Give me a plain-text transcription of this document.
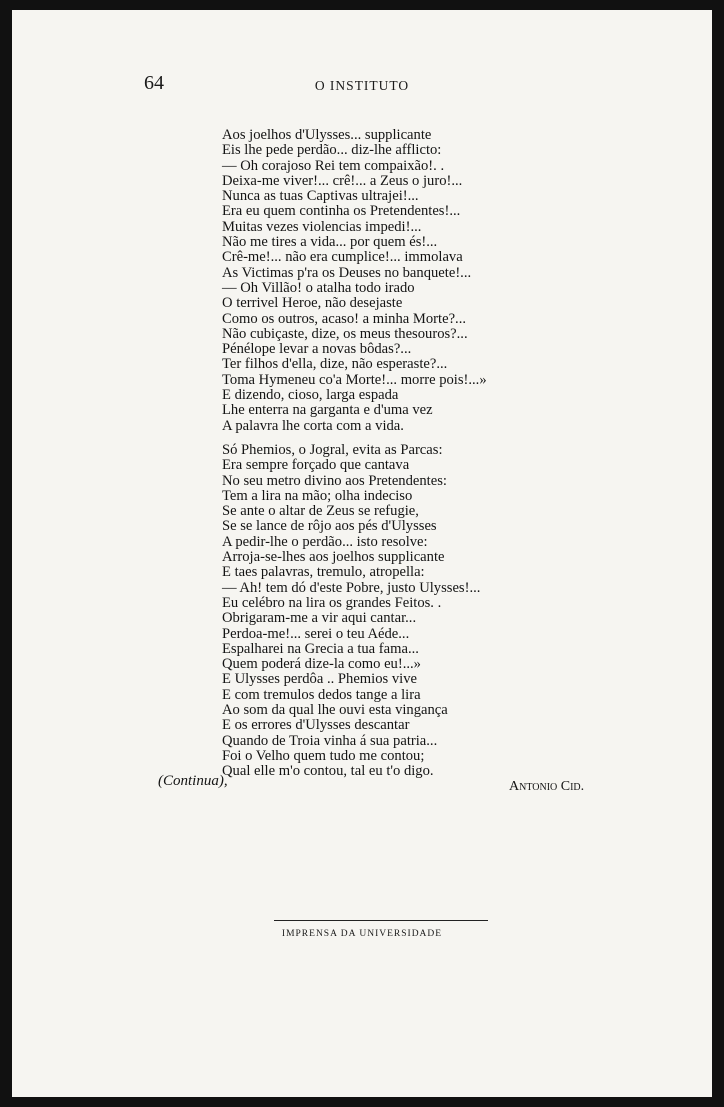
64	O INSTITUTO
Aos joelhos d'Ulysses... supplicante
Eis lhe pede perdão... diz-lhe afflicto:
— Oh corajoso Rei tem compaixão!. .
Deixa-me viver!... crê!... a Zeus o juro!...
Nunca as tuas Captivas ultrajei!...
Era eu quem continha os Pretendentes!...
Muitas vezes violencias impedi!...
Não me tires a vida... por quem és!...
Crê-me!... não era cumplice!... immolava
As Victimas p'ra os Deuses no banquete!...
— Oh Villão! o atalha todo irado
O terrivel Heroe, não desejaste
Como os outros, acaso! a minha Morte?...
Não cubiçaste, dize, os meus thesouros?...
Pénélope levar a novas bôdas?...
Ter filhos d'ella, dize, não esperaste?...
Toma Hymeneu co'a Morte!... morre pois!...»
E dizendo, cioso, larga espada
Lhe enterra na garganta e d'uma vez
A palavra lhe corta com a vida.
Só Phemios, o Jogral, evita as Parcas:
Era sempre forçado que cantava
No seu metro divino aos Pretendentes:
Tem a lira na mão; olha indeciso
Se ante o altar de Zeus se refugie,
Se se lance de rôjo aos pés d'Ulysses
A pedir-lhe o perdão... isto resolve:
Arroja-se-lhes aos joelhos supplicante
E taes palavras, tremulo, atropella:
— Ah! tem dó d'este Pobre, justo Ulysses!...
Eu celébro na lira os grandes Feitos. .
Obrigaram-me a vir aqui cantar...
Perdoa-me!... serei o teu Aéde...
Espalharei na Grecia a tua fama...
Quem poderá dize-la como eu!...»
E Ulysses perdôa .. Phemios vive
E com tremulos dedos tange a lira
Ao som da qual lhe ouvi esta vingança
E os errores d'Ulysses descantar
Quando de Troia vinha á sua patria...
Foi o Velho quem tudo me contou;
Qual elle m'o contou, tal eu t'o digo.
(Continua),	Antonio Cid.
IMPRENSA DA UNIVERSIDADE
